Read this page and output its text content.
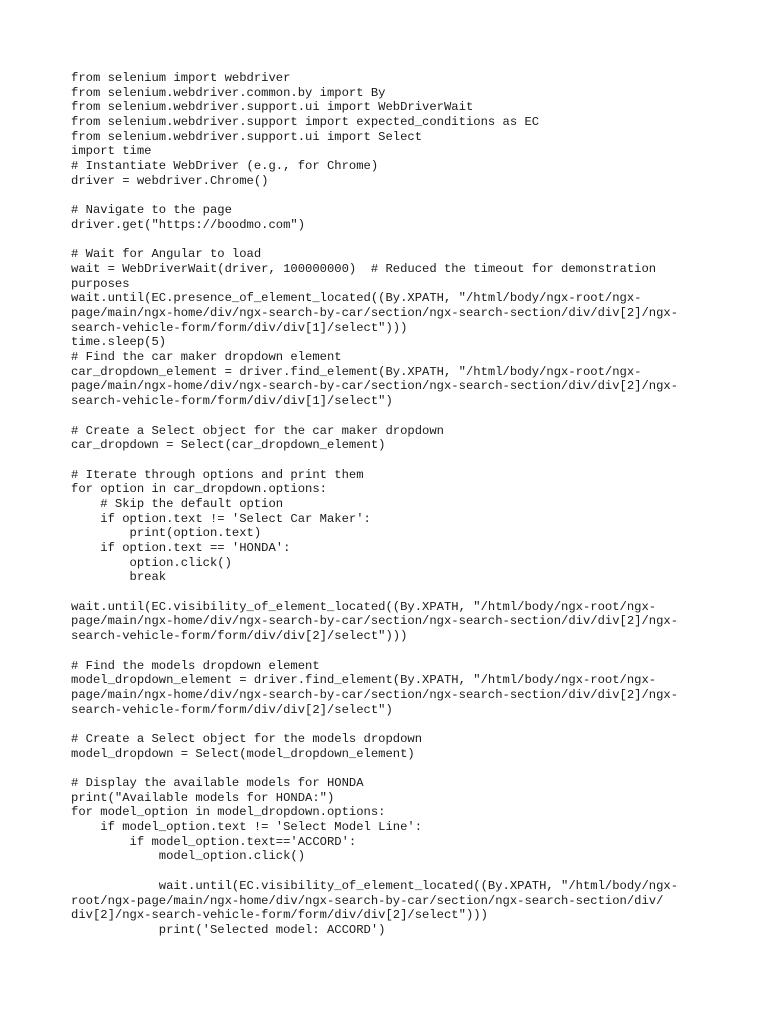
from selenium import webdriver
from selenium.webdriver.common.by import By
from selenium.webdriver.support.ui import WebDriverWait
from selenium.webdriver.support import expected_conditions as EC
from selenium.webdriver.support.ui import Select
import time
# Instantiate WebDriver (e.g., for Chrome)
driver = webdriver.Chrome()
# Navigate to the page
driver.get("https://boodmo.com")
# Wait for Angular to load
wait = WebDriverWait(driver, 100000000)  # Reduced the timeout for demonstration
purposes
wait.until(EC.presence_of_element_located((By.XPATH, "/html/body/ngx-root/ngx-
page/main/ngx-home/div/ngx-search-by-car/section/ngx-search-section/div/div[2]/ngx-
search-vehicle-form/form/div/div[1]/select")))
time.sleep(5)
# Find the car maker dropdown element
car_dropdown_element = driver.find_element(By.XPATH, "/html/body/ngx-root/ngx-
page/main/ngx-home/div/ngx-search-by-car/section/ngx-search-section/div/div[2]/ngx-
search-vehicle-form/form/div/div[1]/select")
# Create a Select object for the car maker dropdown
car_dropdown = Select(car_dropdown_element)
# Iterate through options and print them
for option in car_dropdown.options:
# Skip the default option
if option.text != 'Select Car Maker':
print(option.text)
if option.text == 'HONDA':
option.click()
break
wait.until(EC.visibility_of_element_located((By.XPATH, "/html/body/ngx-root/ngx-
page/main/ngx-home/div/ngx-search-by-car/section/ngx-search-section/div/div[2]/ngx-
search-vehicle-form/form/div/div[2]/select")))
# Find the models dropdown element
model_dropdown_element = driver.find_element(By.XPATH, "/html/body/ngx-root/ngx-
page/main/ngx-home/div/ngx-search-by-car/section/ngx-search-section/div/div[2]/ngx-
search-vehicle-form/form/div/div[2]/select")
# Create a Select object for the models dropdown
model_dropdown = Select(model_dropdown_element)
# Display the available models for HONDA
print("Available models for HONDA:")
for model_option in model_dropdown.options:
if model_option.text != 'Select Model Line':
if model_option.text=='ACCORD':
model_option.click()
wait.until(EC.visibility_of_element_located((By.XPATH, "/html/body/ngx-
root/ngx-page/main/ngx-home/div/ngx-search-by-car/section/ngx-search-section/div/
div[2]/ngx-search-vehicle-form/form/div/div[2]/select")))
print('Selected model: ACCORD')
